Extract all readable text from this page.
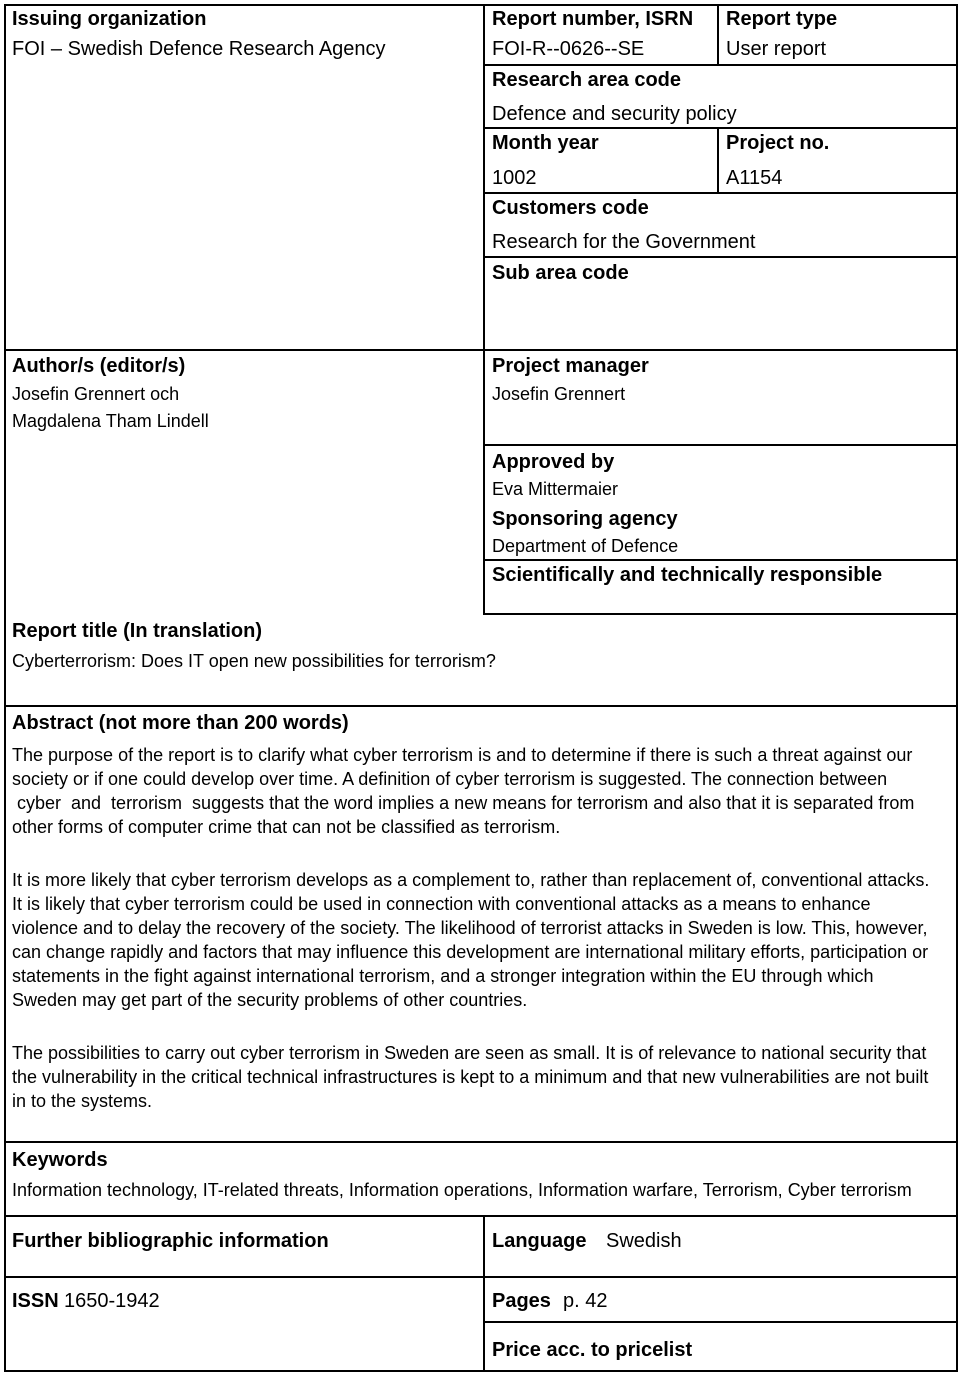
Issuing organization
FOI – Swedish Defence Research Agency
Report number, ISRN
FOI-R--0626--SE
Report type
User report
Research area code
Defence and security policy
Month year
1002
Project no.
A1154
Customers code
Research for the Government
Sub area code
Author/s (editor/s)
Josefin Grennert och
Magdalena Tham Lindell
Project manager
Josefin Grennert
Approved by
Eva Mittermaier
Sponsoring agency
Department of Defence
Scientifically and technically responsible
Report title (In translation)
Cyberterrorism: Does IT open new possibilities for terrorism?
Abstract (not more than 200 words)
The purpose of the report is to clarify what cyber terrorism is and to determine if there is such a threat against our
society or if one could develop over time. A definition of cyber terrorism is suggested. The connection between
cyber  and  terrorism  suggests that the word implies a new means for terrorism and also that it is separated from
other forms of computer crime that can not be classified as terrorism.
It is more likely that cyber terrorism develops as a complement to, rather than replacement of, conventional attacks.
It is likely that cyber terrorism could be used in connection with conventional attacks as a means to enhance
violence and to delay the recovery of the society. The likelihood of terrorist attacks in Sweden is low. This, however,
can change rapidly and factors that may influence this development are international military efforts, participation or
statements in the fight against international terrorism, and a stronger integration within the EU through which
Sweden may get part of the security problems of other countries.
The possibilities to carry out cyber terrorism in Sweden are seen as small. It is of relevance to national security that
the vulnerability in the critical technical infrastructures is kept to a minimum and that new vulnerabilities are not built
in to the systems.
Keywords
Information technology, IT-related threats, Information operations, Information warfare, Terrorism, Cyber terrorism
Further bibliographic information	Language Swedish
ISSN 1650-1942	Pages p. 42
Price acc. to pricelist
